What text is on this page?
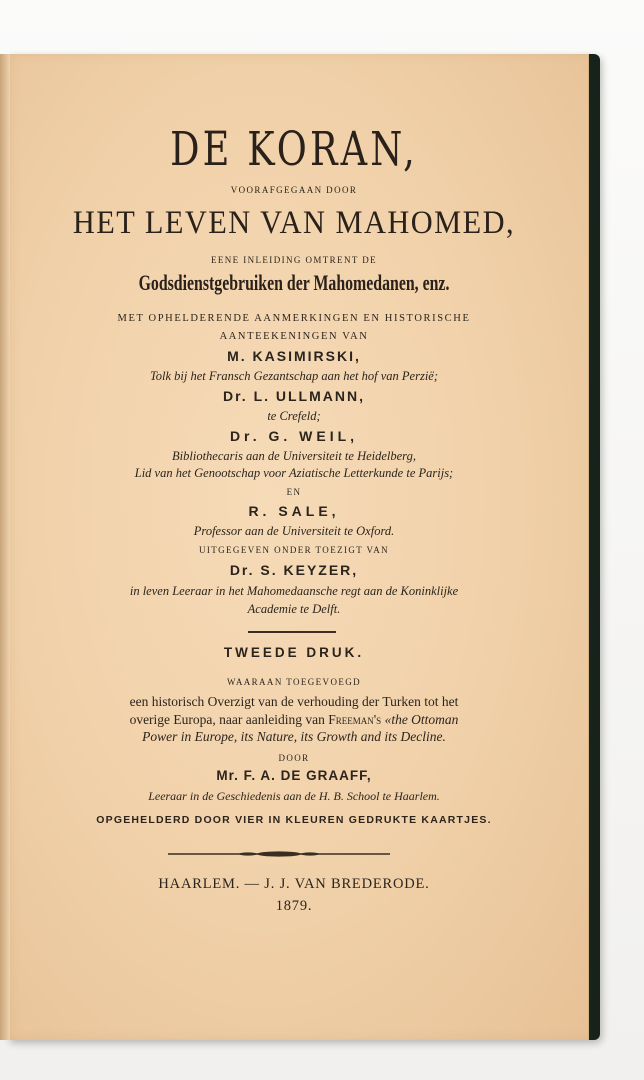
DE KORAN,
VOORAFGEGAAN DOOR
HET LEVEN VAN MAHOMED,
EENE INLEIDING OMTRENT DE
Godsdienstgebruiken der Mahomedanen, enz.
MET OPHELDERENDE AANMERKINGEN EN HISTORISCHE
AANTEEKENINGEN VAN
M. KASIMIRSKI,
Tolk bij het Fransch Gezantschap aan het hof van Perzië;
Dr. L. ULLMANN,
te Crefeld;
Dr. G. WEIL,
Bibliothecaris aan de Universiteit te Heidelberg,
Lid van het Genootschap voor Aziatische Letterkunde te Parijs;
EN
R. SALE,
Professor aan de Universiteit te Oxford.
UITGEGEVEN ONDER TOEZIGT VAN
Dr. S. KEYZER,
in leven Leeraar in het Mahomedaansche regt aan de Koninklijke
Academie te Delft.
TWEEDE DRUK.
WAARAAN TOEGEVOEGD
een historisch Overzigt van de verhouding der Turken tot het
overige Europa, naar aanleiding van Freeman's «the Ottoman
Power in Europe, its Nature, its Growth and its Decline.
DOOR
Mr. F. A. DE GRAAFF,
Leeraar in de Geschiedenis aan de H. B. School te Haarlem.
OPGEHELDERD DOOR VIER IN KLEUREN GEDRUKTE KAARTJES.
HAARLEM. — J. J. VAN BREDERODE.
1879.
